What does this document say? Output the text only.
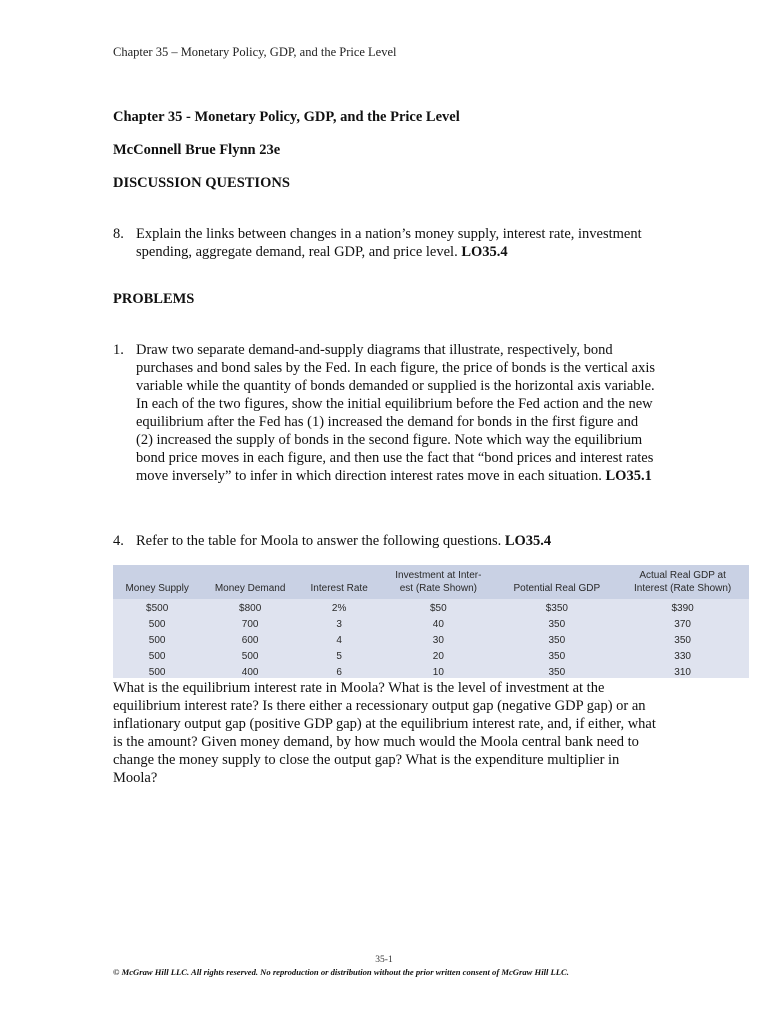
Chapter 35 – Monetary Policy, GDP, and the Price Level
Chapter 35 - Monetary Policy, GDP, and the Price Level
McConnell Brue Flynn 23e
DISCUSSION QUESTIONS
8. Explain the links between changes in a nation’s money supply, interest rate, investment spending, aggregate demand, real GDP, and price level. LO35.4
PROBLEMS
1. Draw two separate demand-and-supply diagrams that illustrate, respectively, bond purchases and bond sales by the Fed. In each figure, the price of bonds is the vertical axis variable while the quantity of bonds demanded or supplied is the horizontal axis variable. In each of the two figures, show the initial equilibrium before the Fed action and the new equilibrium after the Fed has (1) increased the demand for bonds in the first figure and (2) increased the supply of bonds in the second figure. Note which way the equilibrium bond price moves in each figure, and then use the fact that “bond prices and interest rates move inversely” to infer in which direction interest rates move in each situation. LO35.1
4. Refer to the table for Moola to answer the following questions. LO35.4
Money Supply	Money Demand	Interest Rate	Investment at Inter-
est (Rate Shown)	Potential Real GDP	Actual Real GDP at
Interest (Rate Shown)
$500	$800	2%	$50	$350	$390
500	700	3	40	350	370
500	600	4	30	350	350
500	500	5	20	350	330
500	400	6	10	350	310
What is the equilibrium interest rate in Moola? What is the level of investment at the equilibrium interest rate? Is there either a recessionary output gap (negative GDP gap) or an inflationary output gap (positive GDP gap) at the equilibrium interest rate, and, if either, what is the amount? Given money demand, by how much would the Moola central bank need to change the money supply to close the output gap? What is the expenditure multiplier in Moola?
35-1
© McGraw Hill LLC. All rights reserved. No reproduction or distribution without the prior written consent of McGraw Hill LLC.
